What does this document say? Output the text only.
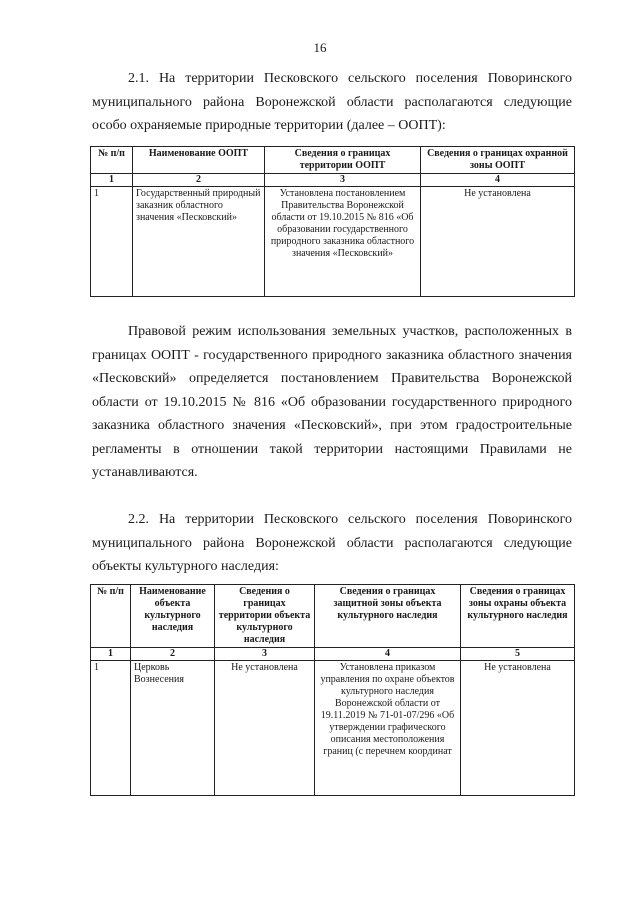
16

2.1. На территории Песковского сельского поселения Поворинского муниципального района Воронежской области располагаются следующие особо охраняемые природные территории (далее – ООПТ):

№ п/п	Наименование ООПТ	Сведения о границах территории ООПТ	Сведения о границах охранной зоны ООПТ
1	2	3	4
1	Государственный природный заказник областного значения «Песковский»	Установлена постановлением Правительства Воронежской области от 19.10.2015 № 816 «Об образовании государственного природного заказника областного значения «Песковский»	Не установлена

Правовой режим использования земельных участков, расположенных в границах ООПТ - государственного природного заказника областного значения «Песковский» определяется постановлением Правительства Воронежской области от 19.10.2015 № 816 «Об образовании государственного природного заказника областного значения «Песковский», при этом градостроительные регламенты в отношении такой территории настоящими Правилами не устанавливаются.

2.2. На территории Песковского сельского поселения Поворинского муниципального района Воронежской области располагаются следующие объекты культурного наследия:

№ п/п	Наименование объекта культурного наследия	Сведения о границах территории объекта культурного наследия	Сведения о границах защитной зоны объекта культурного наследия	Сведения о границах зоны охраны объекта культурного наследия
1	2	3	4	5
1	Церковь Вознесения	Не установлена	Установлена приказом управления по охране объектов культурного наследия Воронежской области от 19.11.2019 № 71-01-07/296 «Об утверждении графического описания местоположения границ (с перечнем координат	Не установлена
